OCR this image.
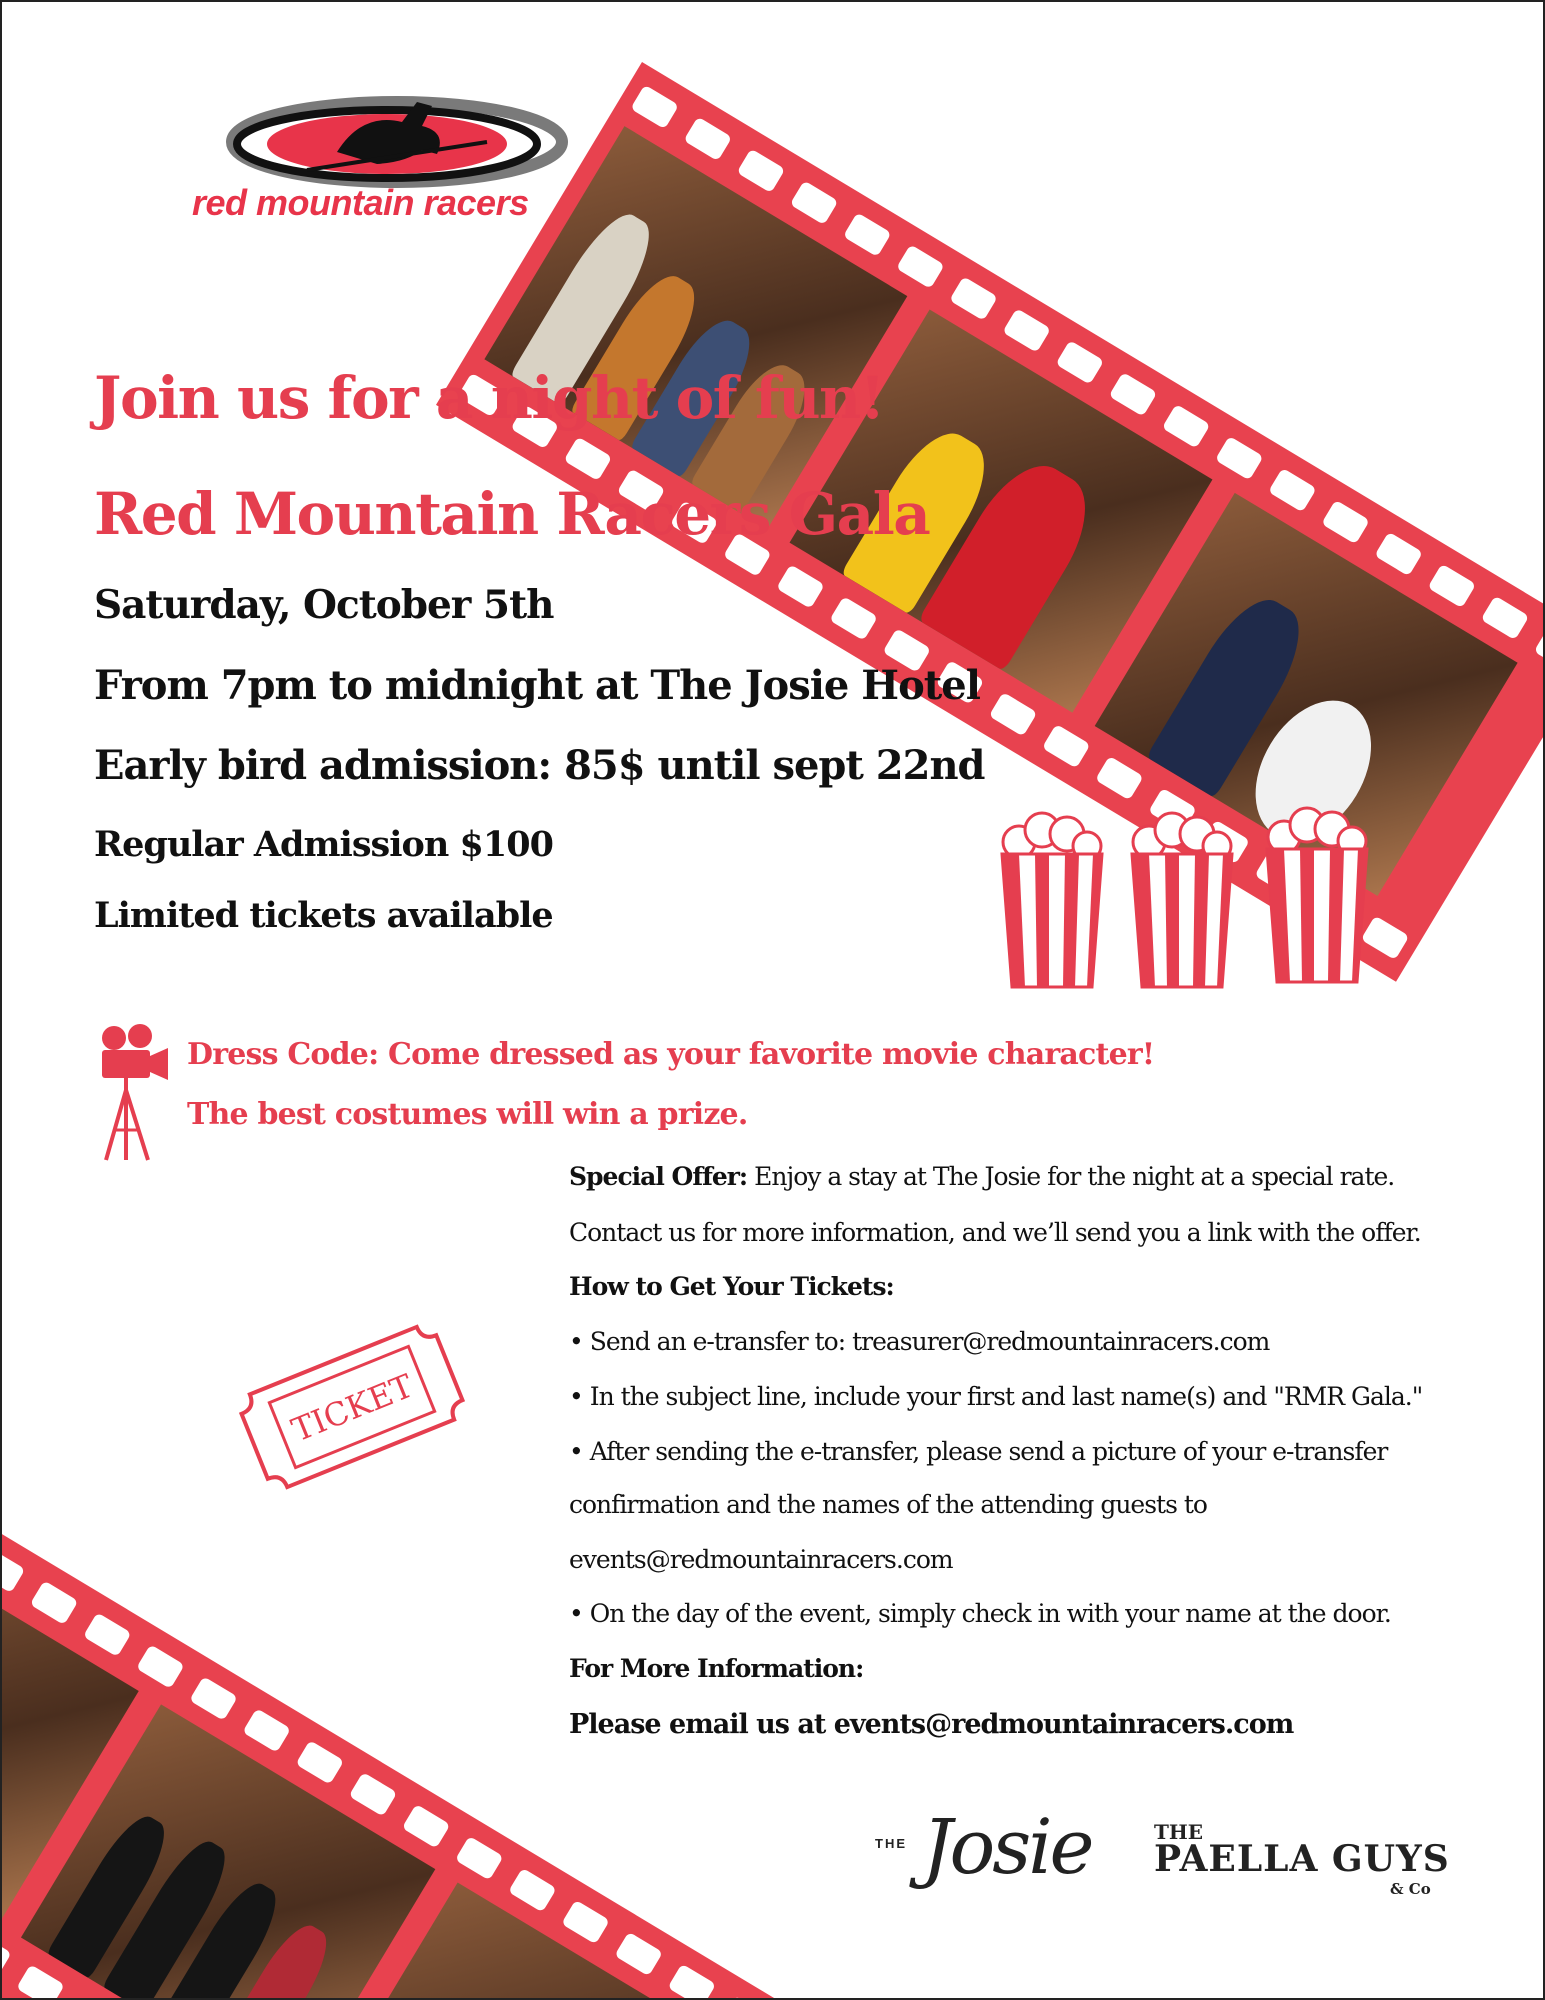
red mountain racers
Join us for a night of fun!
Red Mountain Racers Gala
Saturday, October 5th
From 7pm to midnight at The Josie Hotel
Early bird admission: 85$ until sept 22nd
Regular Admission $100
Limited tickets available
Dress Code: Come dressed as your favorite movie character!
The best costumes will win a prize.
TICKET
Special Offer: Enjoy a stay at The Josie for the night at a special rate.
Contact us for more information, and we’ll send you a link with the offer.
How to Get Your Tickets:
• Send an e-transfer to: treasurer@redmountainracers.com
• In the subject line, include your first and last name(s) and "RMR Gala."
• After sending the e-transfer, please send a picture of your e-transfer
confirmation and the names of the attending guests to
events@redmountainracers.com
• On the day of the event, simply check in with your name at the door.
For More Information:
Please email us at events@redmountainracers.com
THE Josie	THE
PAELLA GUYS
& Co
